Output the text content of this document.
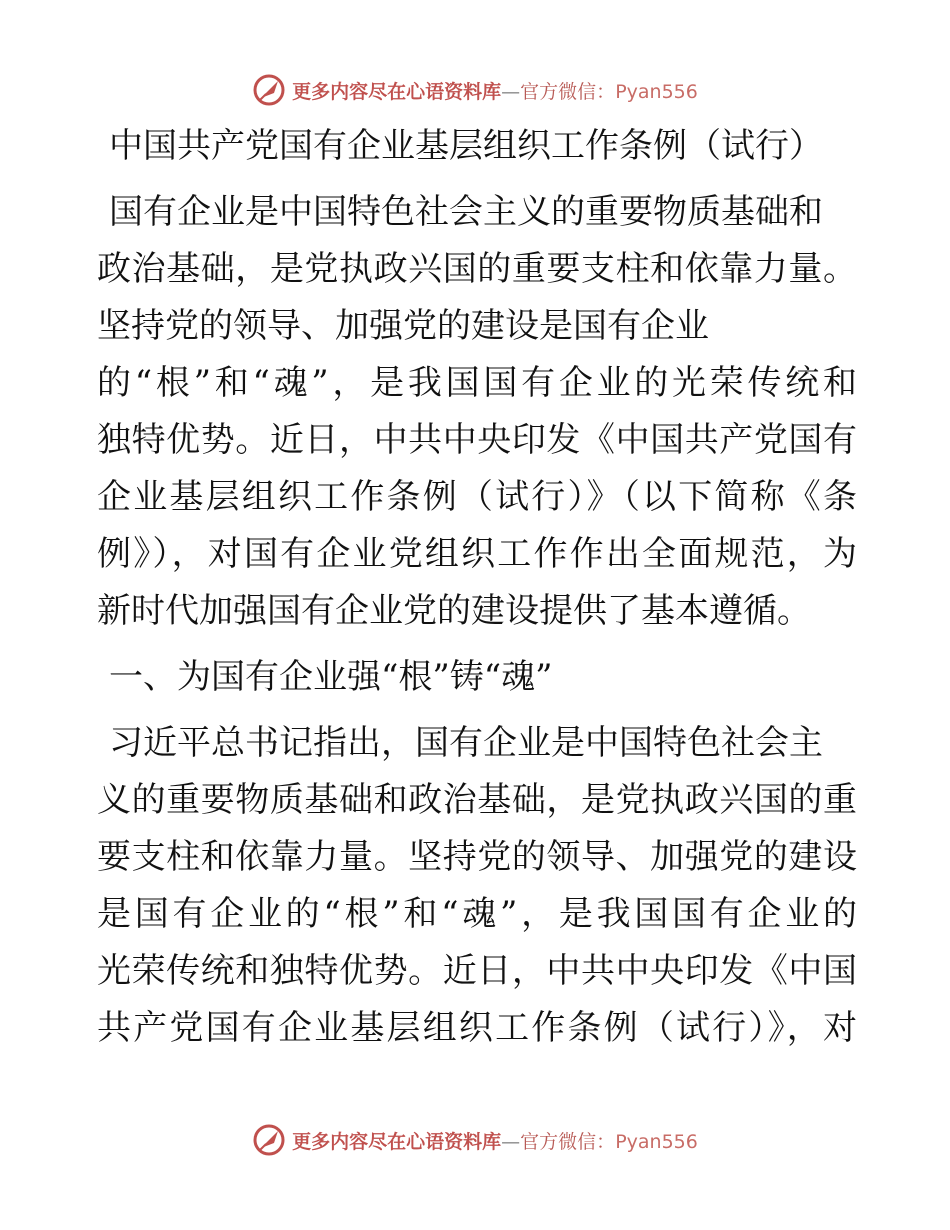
更多内容尽在心语资料库—官方微信：Pyan556
中国共产党国有企业基层组织工作条例（试行）
国有企业是中国特色社会主义的重要物质基础和
政治基础，是党执政兴国的重要支柱和依靠力量。
坚持党的领导、加强党的建设是国有企业
的“根”和“魂”，是我国国有企业的光荣传统和
独特优势。近日，中共中央印发《中国共产党国有
企业基层组织工作条例（试行）》（以下简称《条
例》），对国有企业党组织工作作出全面规范，为
新时代加强国有企业党的建设提供了基本遵循。
一、为国有企业强“根”铸“魂”
习近平总书记指出，国有企业是中国特色社会主
义的重要物质基础和政治基础，是党执政兴国的重
要支柱和依靠力量。坚持党的领导、加强党的建设
是国有企业的“根”和“魂”，是我国国有企业的
光荣传统和独特优势。近日，中共中央印发《中国
共产党国有企业基层组织工作条例（试行）》，对
更多内容尽在心语资料库—官方微信：Pyan556
